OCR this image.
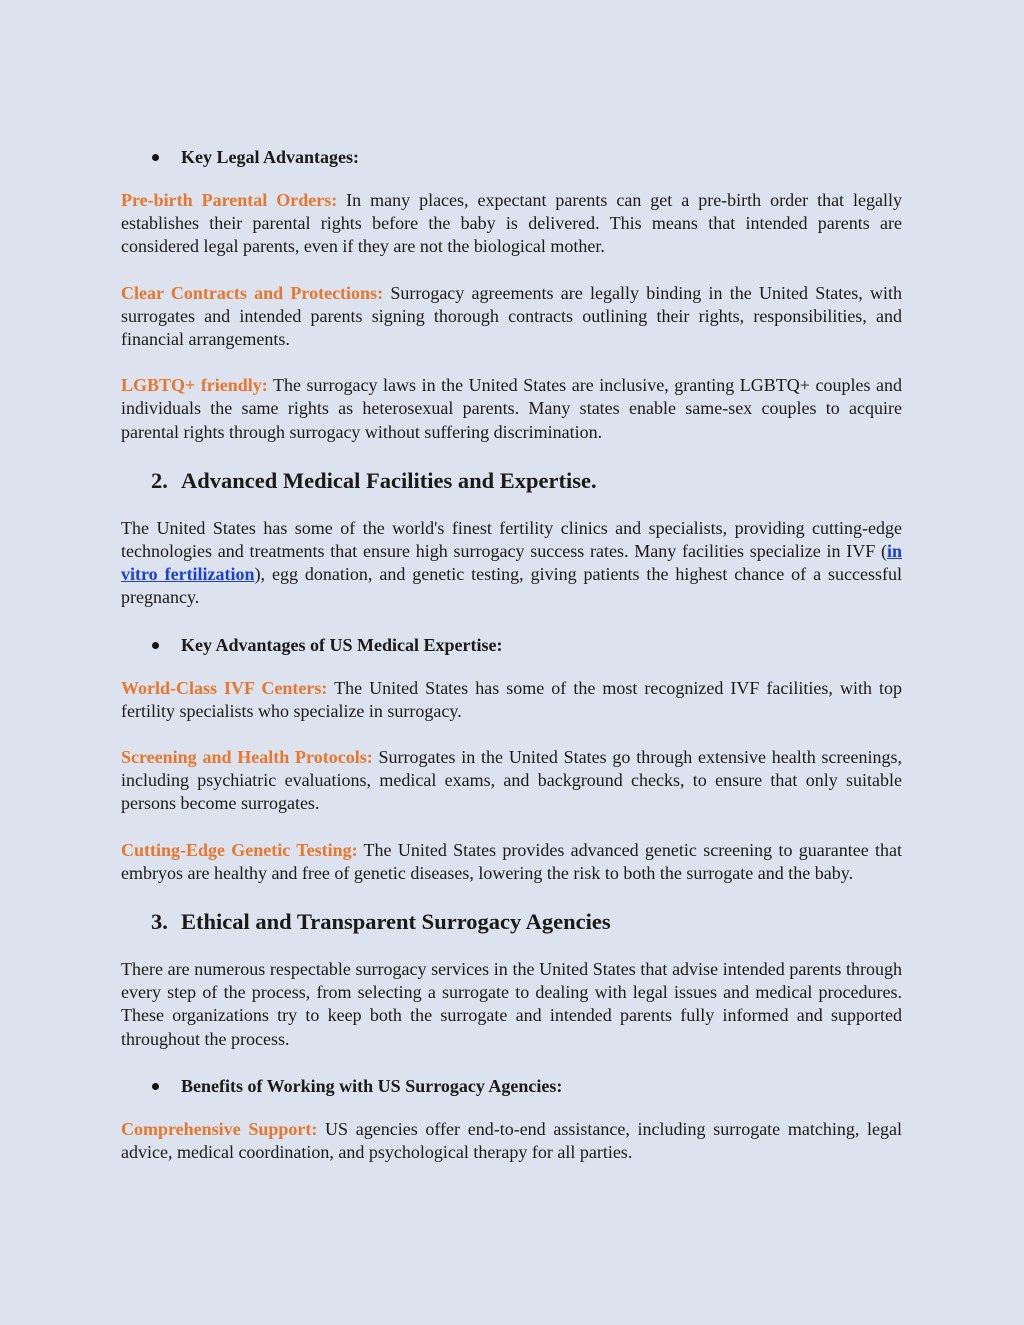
Key Legal Advantages:

Pre-birth Parental Orders: In many places, expectant parents can get a pre-birth order that legally establishes their parental rights before the baby is delivered. This means that intended parents are considered legal parents, even if they are not the biological mother.

Clear Contracts and Protections: Surrogacy agreements are legally binding in the United States, with surrogates and intended parents signing thorough contracts outlining their rights, responsibilities, and financial arrangements.

LGBTQ+ friendly: The surrogacy laws in the United States are inclusive, granting LGBTQ+ couples and individuals the same rights as heterosexual parents. Many states enable same-sex couples to acquire parental rights through surrogacy without suffering discrimination.

2. Advanced Medical Facilities and Expertise.

The United States has some of the world's finest fertility clinics and specialists, providing cutting-edge technologies and treatments that ensure high surrogacy success rates. Many facilities specialize in IVF (in vitro fertilization), egg donation, and genetic testing, giving patients the highest chance of a successful pregnancy.

Key Advantages of US Medical Expertise:

World-Class IVF Centers: The United States has some of the most recognized IVF facilities, with top fertility specialists who specialize in surrogacy.

Screening and Health Protocols: Surrogates in the United States go through extensive health screenings, including psychiatric evaluations, medical exams, and background checks, to ensure that only suitable persons become surrogates.

Cutting-Edge Genetic Testing: The United States provides advanced genetic screening to guarantee that embryos are healthy and free of genetic diseases, lowering the risk to both the surrogate and the baby.

3. Ethical and Transparent Surrogacy Agencies

There are numerous respectable surrogacy services in the United States that advise intended parents through every step of the process, from selecting a surrogate to dealing with legal issues and medical procedures. These organizations try to keep both the surrogate and intended parents fully informed and supported throughout the process.

Benefits of Working with US Surrogacy Agencies:

Comprehensive Support: US agencies offer end-to-end assistance, including surrogate matching, legal advice, medical coordination, and psychological therapy for all parties.
